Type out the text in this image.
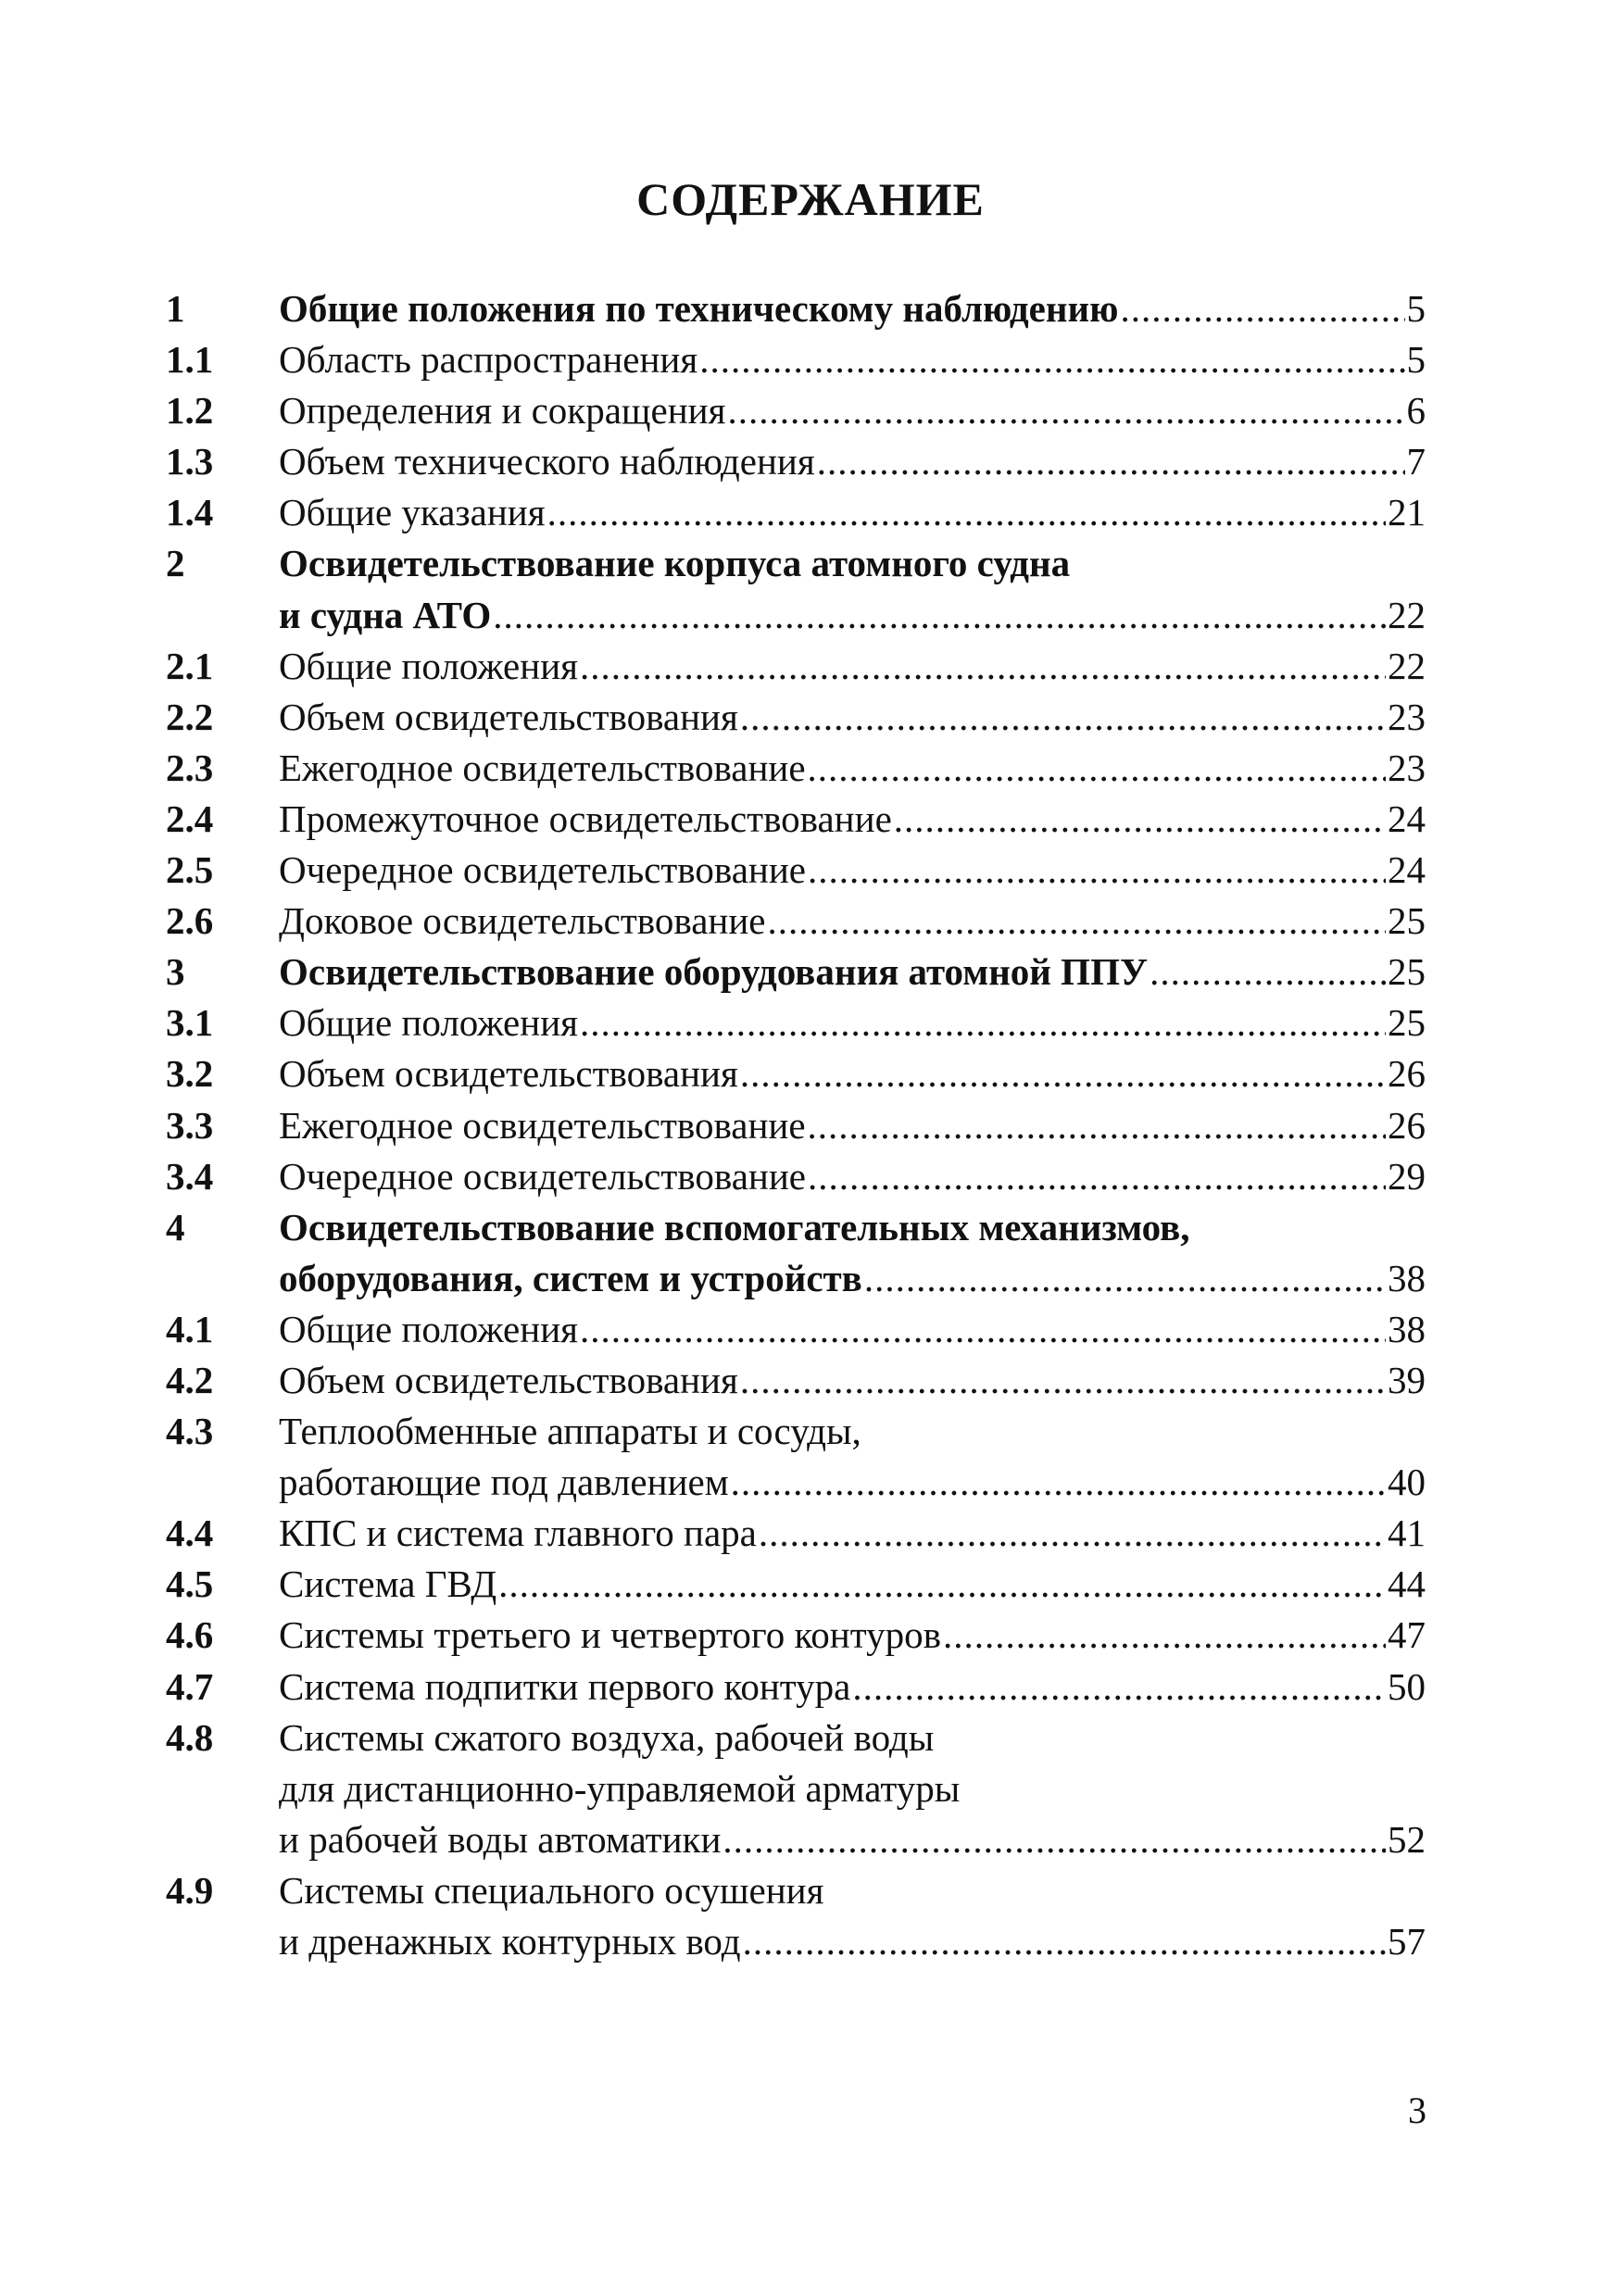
СОДЕРЖАНИЕ
1 Общие положения по техническому наблюдению .....	5
1.1 Область распространения .....	5
1.2 Определения и сокращения .....	6
1.3 Объем технического наблюдения .....	7
1.4 Общие указания .....	21
2 Освидетельствование корпуса атомного судна
и судна АТО .....	22
2.1 Общие положения .....	22
2.2 Объем освидетельствования .....	23
2.3 Ежегодное освидетельствование .....	23
2.4 Промежуточное освидетельствование .....	24
2.5 Очередное освидетельствование .....	24
2.6 Доковое освидетельствование .....	25
3 Освидетельствование оборудования атомной ППУ .....	25
3.1 Общие положения .....	25
3.2 Объем освидетельствования .....	26
3.3 Ежегодное освидетельствование .....	26
3.4 Очередное освидетельствование .....	29
4 Освидетельствование вспомогательных механизмов,
оборудования, систем и устройств .....	38
4.1 Общие положения .....	38
4.2 Объем освидетельствования .....	39
4.3 Теплообменные аппараты и сосуды,
работающие под давлением .....	40
4.4 КПС и система главного пара .....	41
4.5 Система ГВД .....	44
4.6 Системы третьего и четвертого контуров .....	47
4.7 Система подпитки первого контура .....	50
4.8 Системы сжатого воздуха, рабочей воды
для дистанционно-управляемой арматуры
и рабочей воды автоматики .....	52
4.9 Системы специального осушения
и дренажных контурных вод .....	57
3
